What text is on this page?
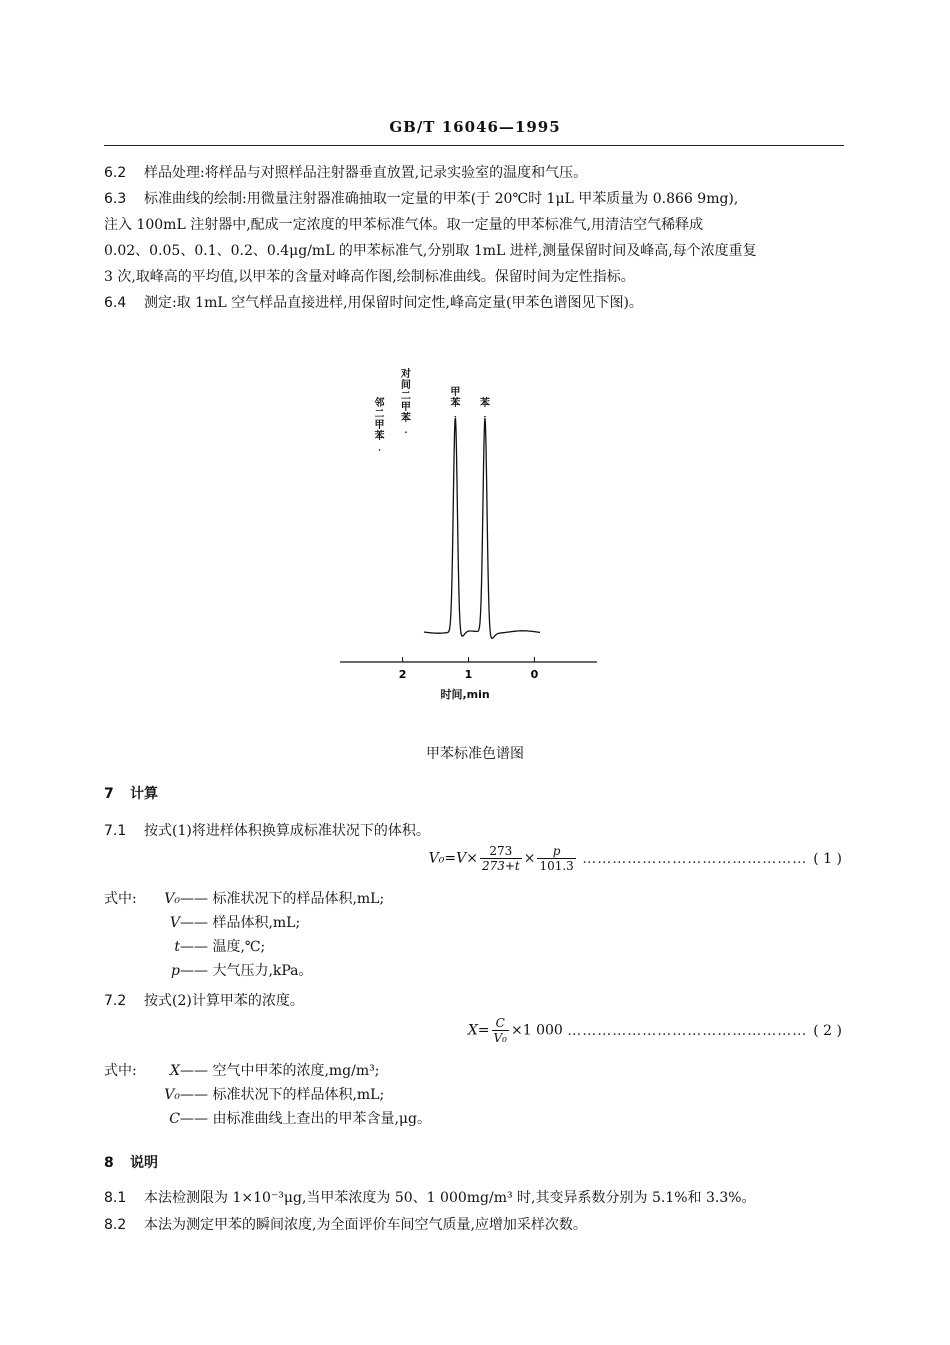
GB/T 16046—1995
6.2 样品处理:将样品与对照样品注射器垂直放置,记录实验室的温度和气压。
6.3 标准曲线的绘制:用微量注射器准确抽取一定量的甲苯(于 20℃时 1μL 甲苯质量为 0.866 9mg),
注入 100mL 注射器中,配成一定浓度的甲苯标准气体。取一定量的甲苯标准气,用清洁空气稀释成
0.02、0.05、0.1、0.2、0.4μg/mL 的甲苯标准气,分别取 1mL 进样,测量保留时间及峰高,每个浓度重复
3 次,取峰高的平均值,以甲苯的含量对峰高作图,绘制标准曲线。保留时间为定性指标。
6.4 测定:取 1mL 空气样品直接进样,用保留时间定性,峰高定量(甲苯色谱图见下图)。
2	1	0
邻二甲苯
对间二甲苯
甲苯 苯
时间,min
甲苯标准色谱图
7 计算
7.1 按式(1)将进样体积换算成标准状况下的体积。
$V_0=V\times \frac{273}{273+t} \times \frac{p}{101.3}$ ……………………………………… ( 1 )
式中: V₀—— 标准状况下的样品体积,mL;
V—— 样品体积,mL;
t—— 温度,℃;
p—— 大气压力,kPa。
7.2 按式(2)计算甲苯的浓度。
$X= \frac{C}{\text{V₀}} \times 1$ 000 ………………………………………… ( 2 )
式中: X—— 空气中甲苯的浓度,mg/m³;
V₀—— 标准状况下的样品体积,mL;
C—— 由标准曲线上查出的甲苯含量,μg。
8 说明
8.1 本法检测限为 1×10⁻³μg,当甲苯浓度为 50、1 000mg/m³ 时,其变异系数分别为 5.1%和 3.3%。
8.2 本法为测定甲苯的瞬间浓度,为全面评价车间空气质量,应增加采样次数。
